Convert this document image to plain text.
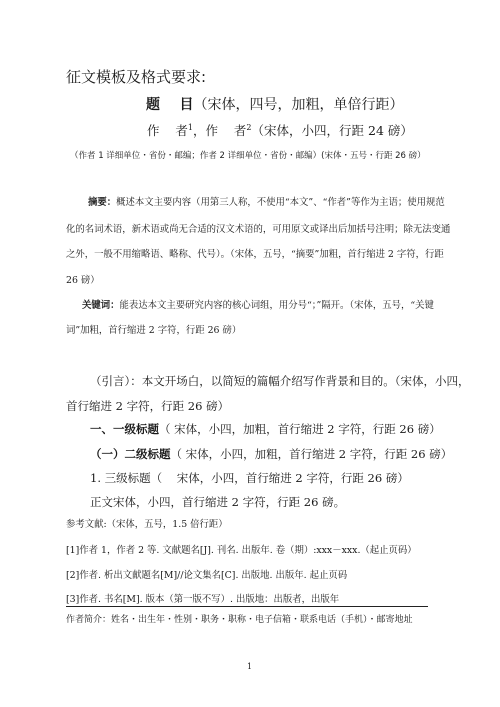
征文模板及格式要求:
题    目（宋体，四号，加粗，单倍行距）
作    者$^1$，作    者$^2$（宋体，小四，行距 24 磅）
（作者 1 详细单位・省份・邮编；作者 2 详细单位・省份・邮编）(宋体・五号・行距 26 磅）
摘要：概述本文主要内容（用第三人称，不使用“本文”、“作者”等作为主语；使用规范
化的名词术语，新术语或尚无合适的汉文术语的，可用原文或译出后加括号注明；除无法变通
之外，一般不用缩略语、略称、代号）。（宋体，五号，“摘要”加粗，首行缩进 2 字符，行距
26 磅）
关键词：能表达本文主要研究内容的核心词组，用分号“；”隔开。（宋体，五号，“关键
词”加粗，首行缩进 2 字符，行距 26 磅）
（引言）：本文开场白，以简短的篇幅介绍写作背景和目的。（宋体，小四，
首行缩进 2 字符，行距 26 磅）
一、一级标题（ 宋体，小四，加粗，首行缩进 2 字符，行距 26 磅）
（一）二级标题（ 宋体，小四，加粗，首行缩进 2 字符，行距 26 磅）
1. 三级标题（    宋体，小四，首行缩进 2 字符，行距 26 磅）
正文宋体，小四，首行缩进 2 字符，行距 26 磅。
参考文献:（宋体，五号，1.5 倍行距）
[1]作者 1，作者 2 等. 文献题名[J]. 刊名. 出版年. 卷（期）:xxx－xxx.（起止页码）
[2]作者. 析出文献题名[M]//论文集名[C]. 出版地. 出版年. 起止页码
[3]作者. 书名[M]. 版本（第一版不写）. 出版地：出版者，出版年
作者简介：姓名・出生年・性别・职务・职称・电子信箱・联系电话（手机）・邮寄地址
1
